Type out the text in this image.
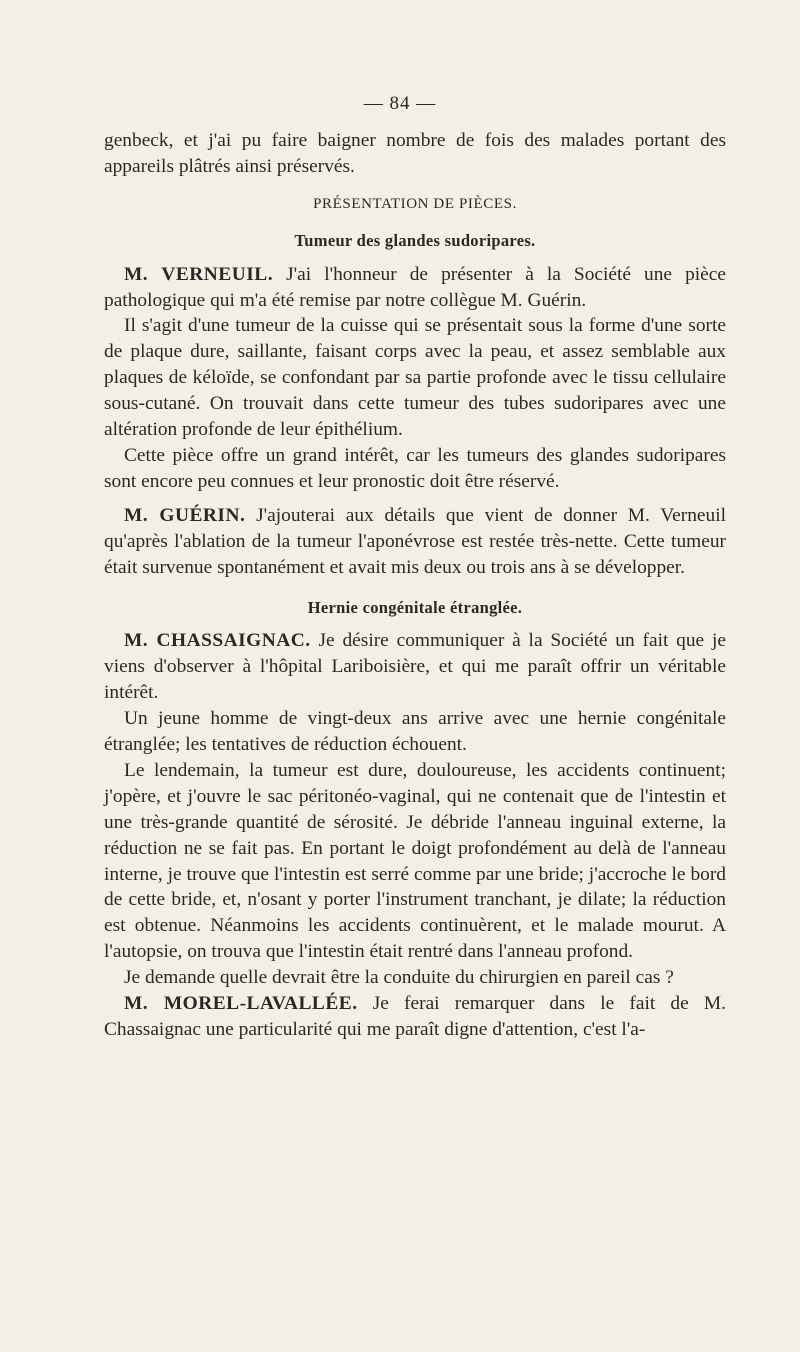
— 84 —

genbeck, et j'ai pu faire baigner nombre de fois des malades portant des appareils plâtrés ainsi préservés.

PRÉSENTATION DE PIÈCES.
Tumeur des glandes sudoripares.

M. VERNEUIL. J'ai l'honneur de présenter à la Société une pièce pathologique qui m'a été remise par notre collègue M. Guérin.

Il s'agit d'une tumeur de la cuisse qui se présentait sous la forme d'une sorte de plaque dure, saillante, faisant corps avec la peau, et assez semblable aux plaques de kéloïde, se confondant par sa partie profonde avec le tissu cellulaire sous-cutané. On trouvait dans cette tumeur des tubes sudoripares avec une altération profonde de leur épithélium.

Cette pièce offre un grand intérêt, car les tumeurs des glandes sudoripares sont encore peu connues et leur pronostic doit être réservé.

M. GUÉRIN. J'ajouterai aux détails que vient de donner M. Verneuil qu'après l'ablation de la tumeur l'aponévrose est restée très-nette. Cette tumeur était survenue spontanément et avait mis deux ou trois ans à se développer.

Hernie congénitale étranglée.

M. CHASSAIGNAC. Je désire communiquer à la Société un fait que je viens d'observer à l'hôpital Lariboisière, et qui me paraît offrir un véritable intérêt.

Un jeune homme de vingt-deux ans arrive avec une hernie congénitale étranglée; les tentatives de réduction échouent.

Le lendemain, la tumeur est dure, douloureuse, les accidents continuent; j'opère, et j'ouvre le sac péritonéo-vaginal, qui ne contenait que de l'intestin et une très-grande quantité de sérosité. Je débride l'anneau inguinal externe, la réduction ne se fait pas. En portant le doigt profondément au delà de l'anneau interne, je trouve que l'intestin est serré comme par une bride; j'accroche le bord de cette bride, et, n'osant y porter l'instrument tranchant, je dilate; la réduction est obtenue. Néanmoins les accidents continuèrent, et le malade mourut. A l'autopsie, on trouva que l'intestin était rentré dans l'anneau profond.

Je demande quelle devrait être la conduite du chirurgien en pareil cas ?

M. MOREL-LAVALLÉE. Je ferai remarquer dans le fait de M. Chassaignac une particularité qui me paraît digne d'attention, c'est l'a-
